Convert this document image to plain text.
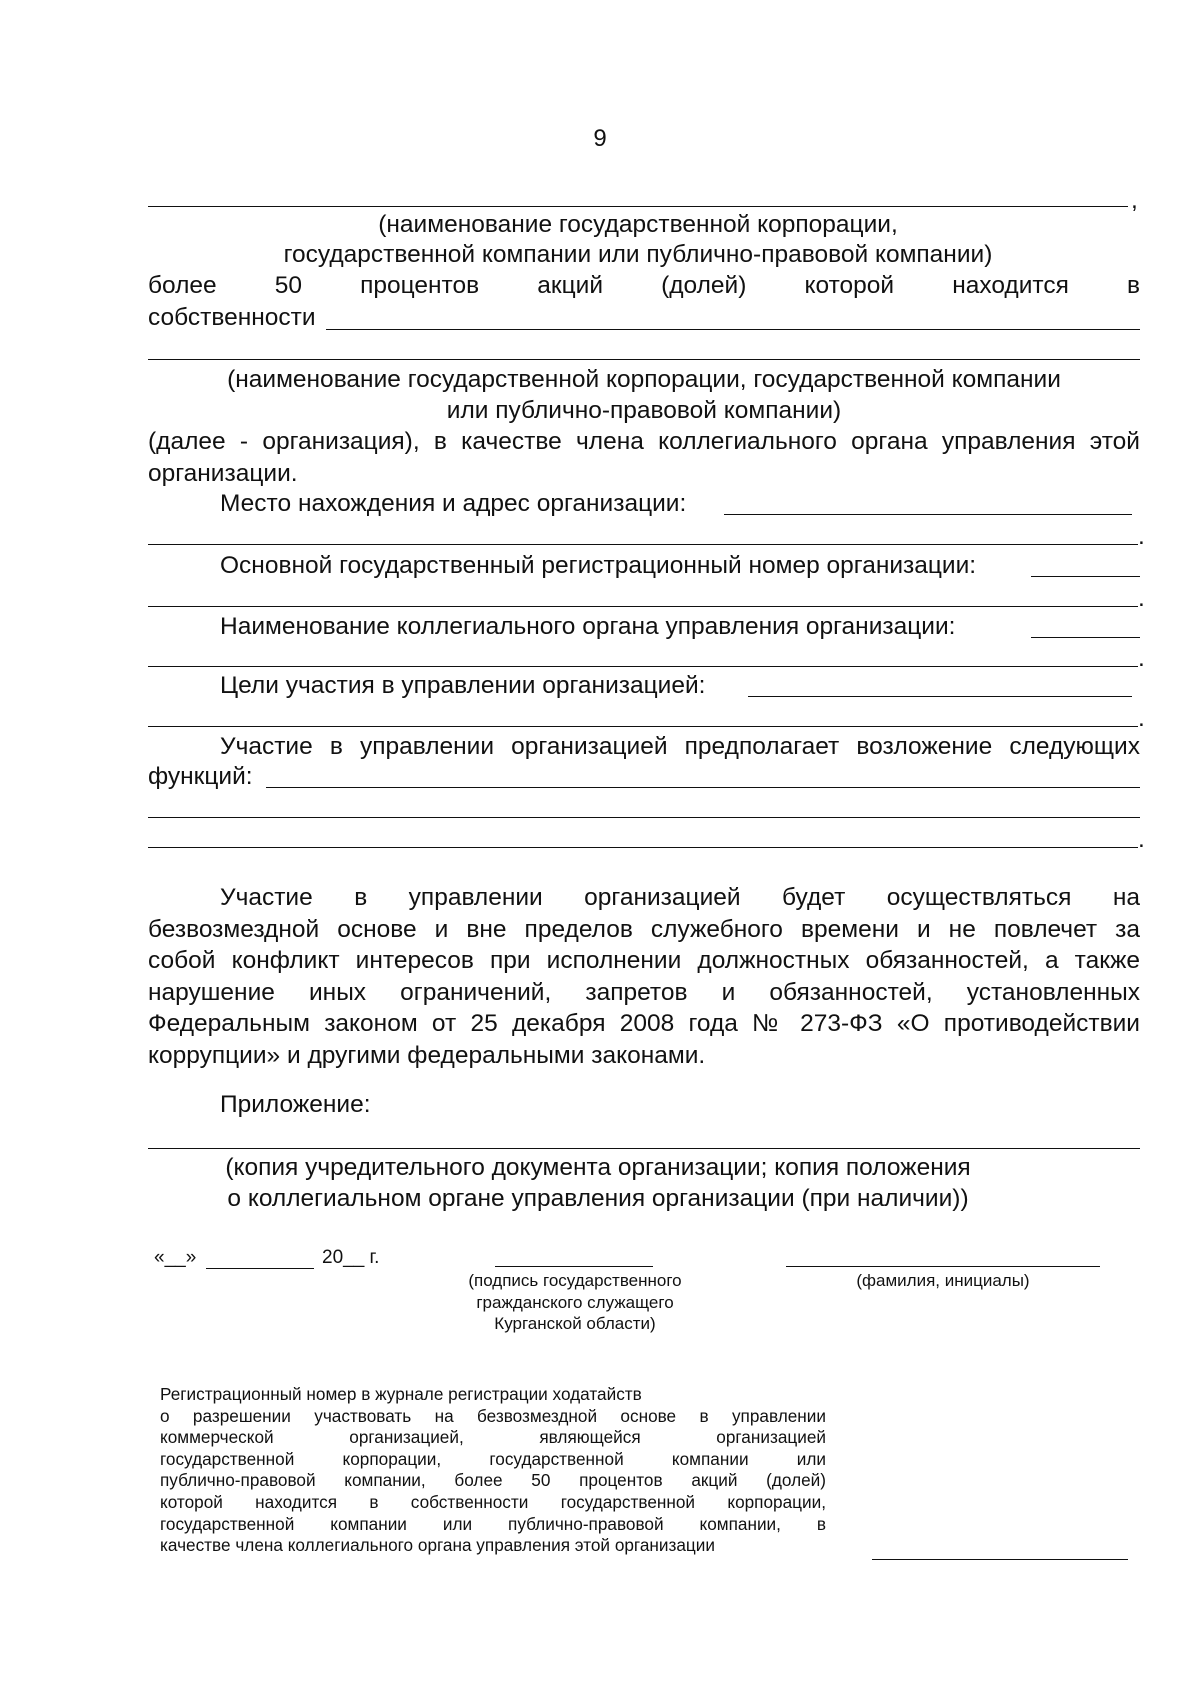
9
,
(наименование государственной корпорации,
государственной компании или публично-правовой компании)
более 50 процентов акций (долей) которой находится в
собственности
(наименование государственной корпорации, государственной компании
или публично-правовой компании)
(далее - организация), в качестве члена коллегиального органа управления этой
организации.
Место нахождения и адрес организации:
.
Основной государственный регистрационный номер организации:
.
Наименование коллегиального органа управления организации:
.
Цели участия в управлении организацией:
.
Участие в управлении организацией предполагает возложение следующих
функций:
.
Участие в управлении организацией будет осуществляться на
безвозмездной основе и вне пределов служебного времени и не повлечет за
собой конфликт интересов при исполнении должностных обязанностей, а также
нарушение иных ограничений, запретов и обязанностей, установленных
Федеральным законом от 25 декабря 2008 года № 273-ФЗ «О противодействии
коррупции» и другими федеральными законами.
Приложение:
(копия учредительного документа организации; копия положения
о коллегиальном органе управления организации (при наличии))
«__»	20__ г.
(подпись государственного
гражданского служащего
Курганской области)
(фамилия, инициалы)
Регистрационный номер в журнале регистрации ходатайств
о разрешении участвовать на безвозмездной основе в управлении
коммерческой организацией, являющейся организацией
государственной корпорации, государственной компании или
публично-правовой компании, более 50 процентов акций (долей)
которой находится в собственности государственной корпорации,
государственной компании или публично-правовой компании, в
качестве члена коллегиального органа управления этой организации
